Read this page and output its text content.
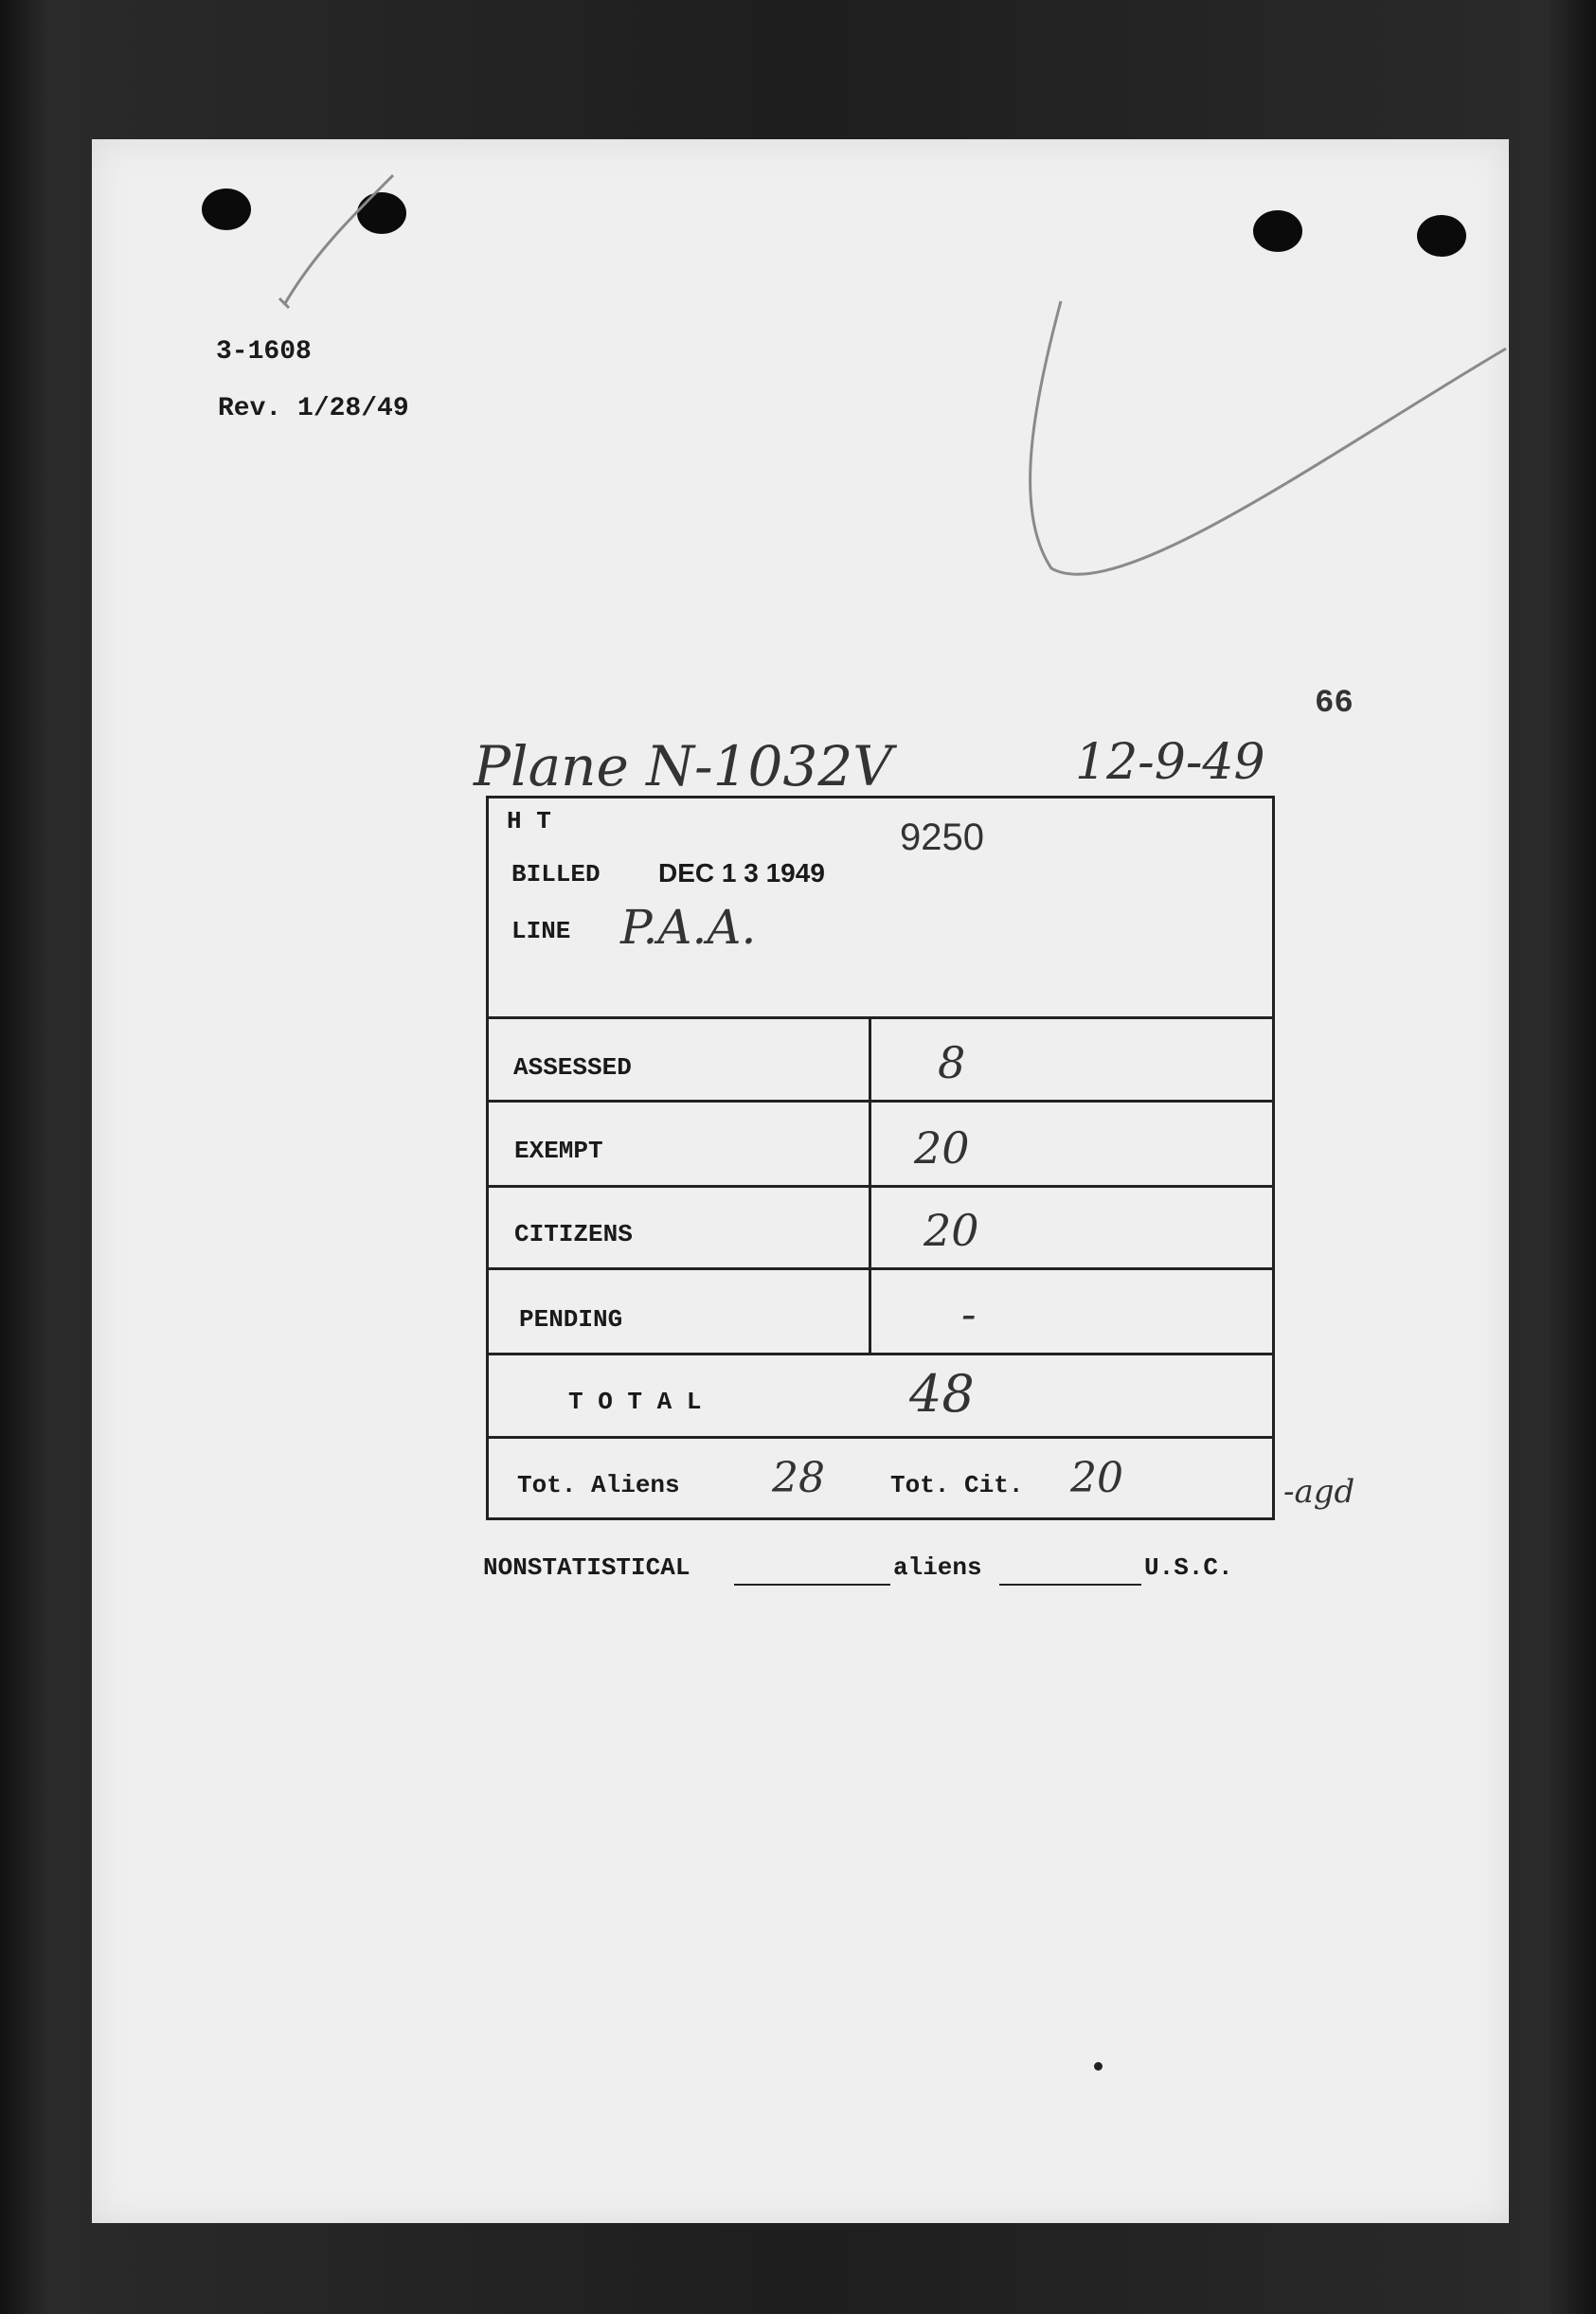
3-1608
Rev. 1/28/49
66
Plane N-1032V	12-9-49
H T	9250
BILLED DEC 1 3 1949
LINE P.A.A.
ASSESSED	8
EXEMPT	20
CITIZENS	20
PENDING	-
T O T A L	48
Tot. Aliens 28	Tot. Cit. 20	-agd
NONSTATISTICAL	aliens	U.S.C.
